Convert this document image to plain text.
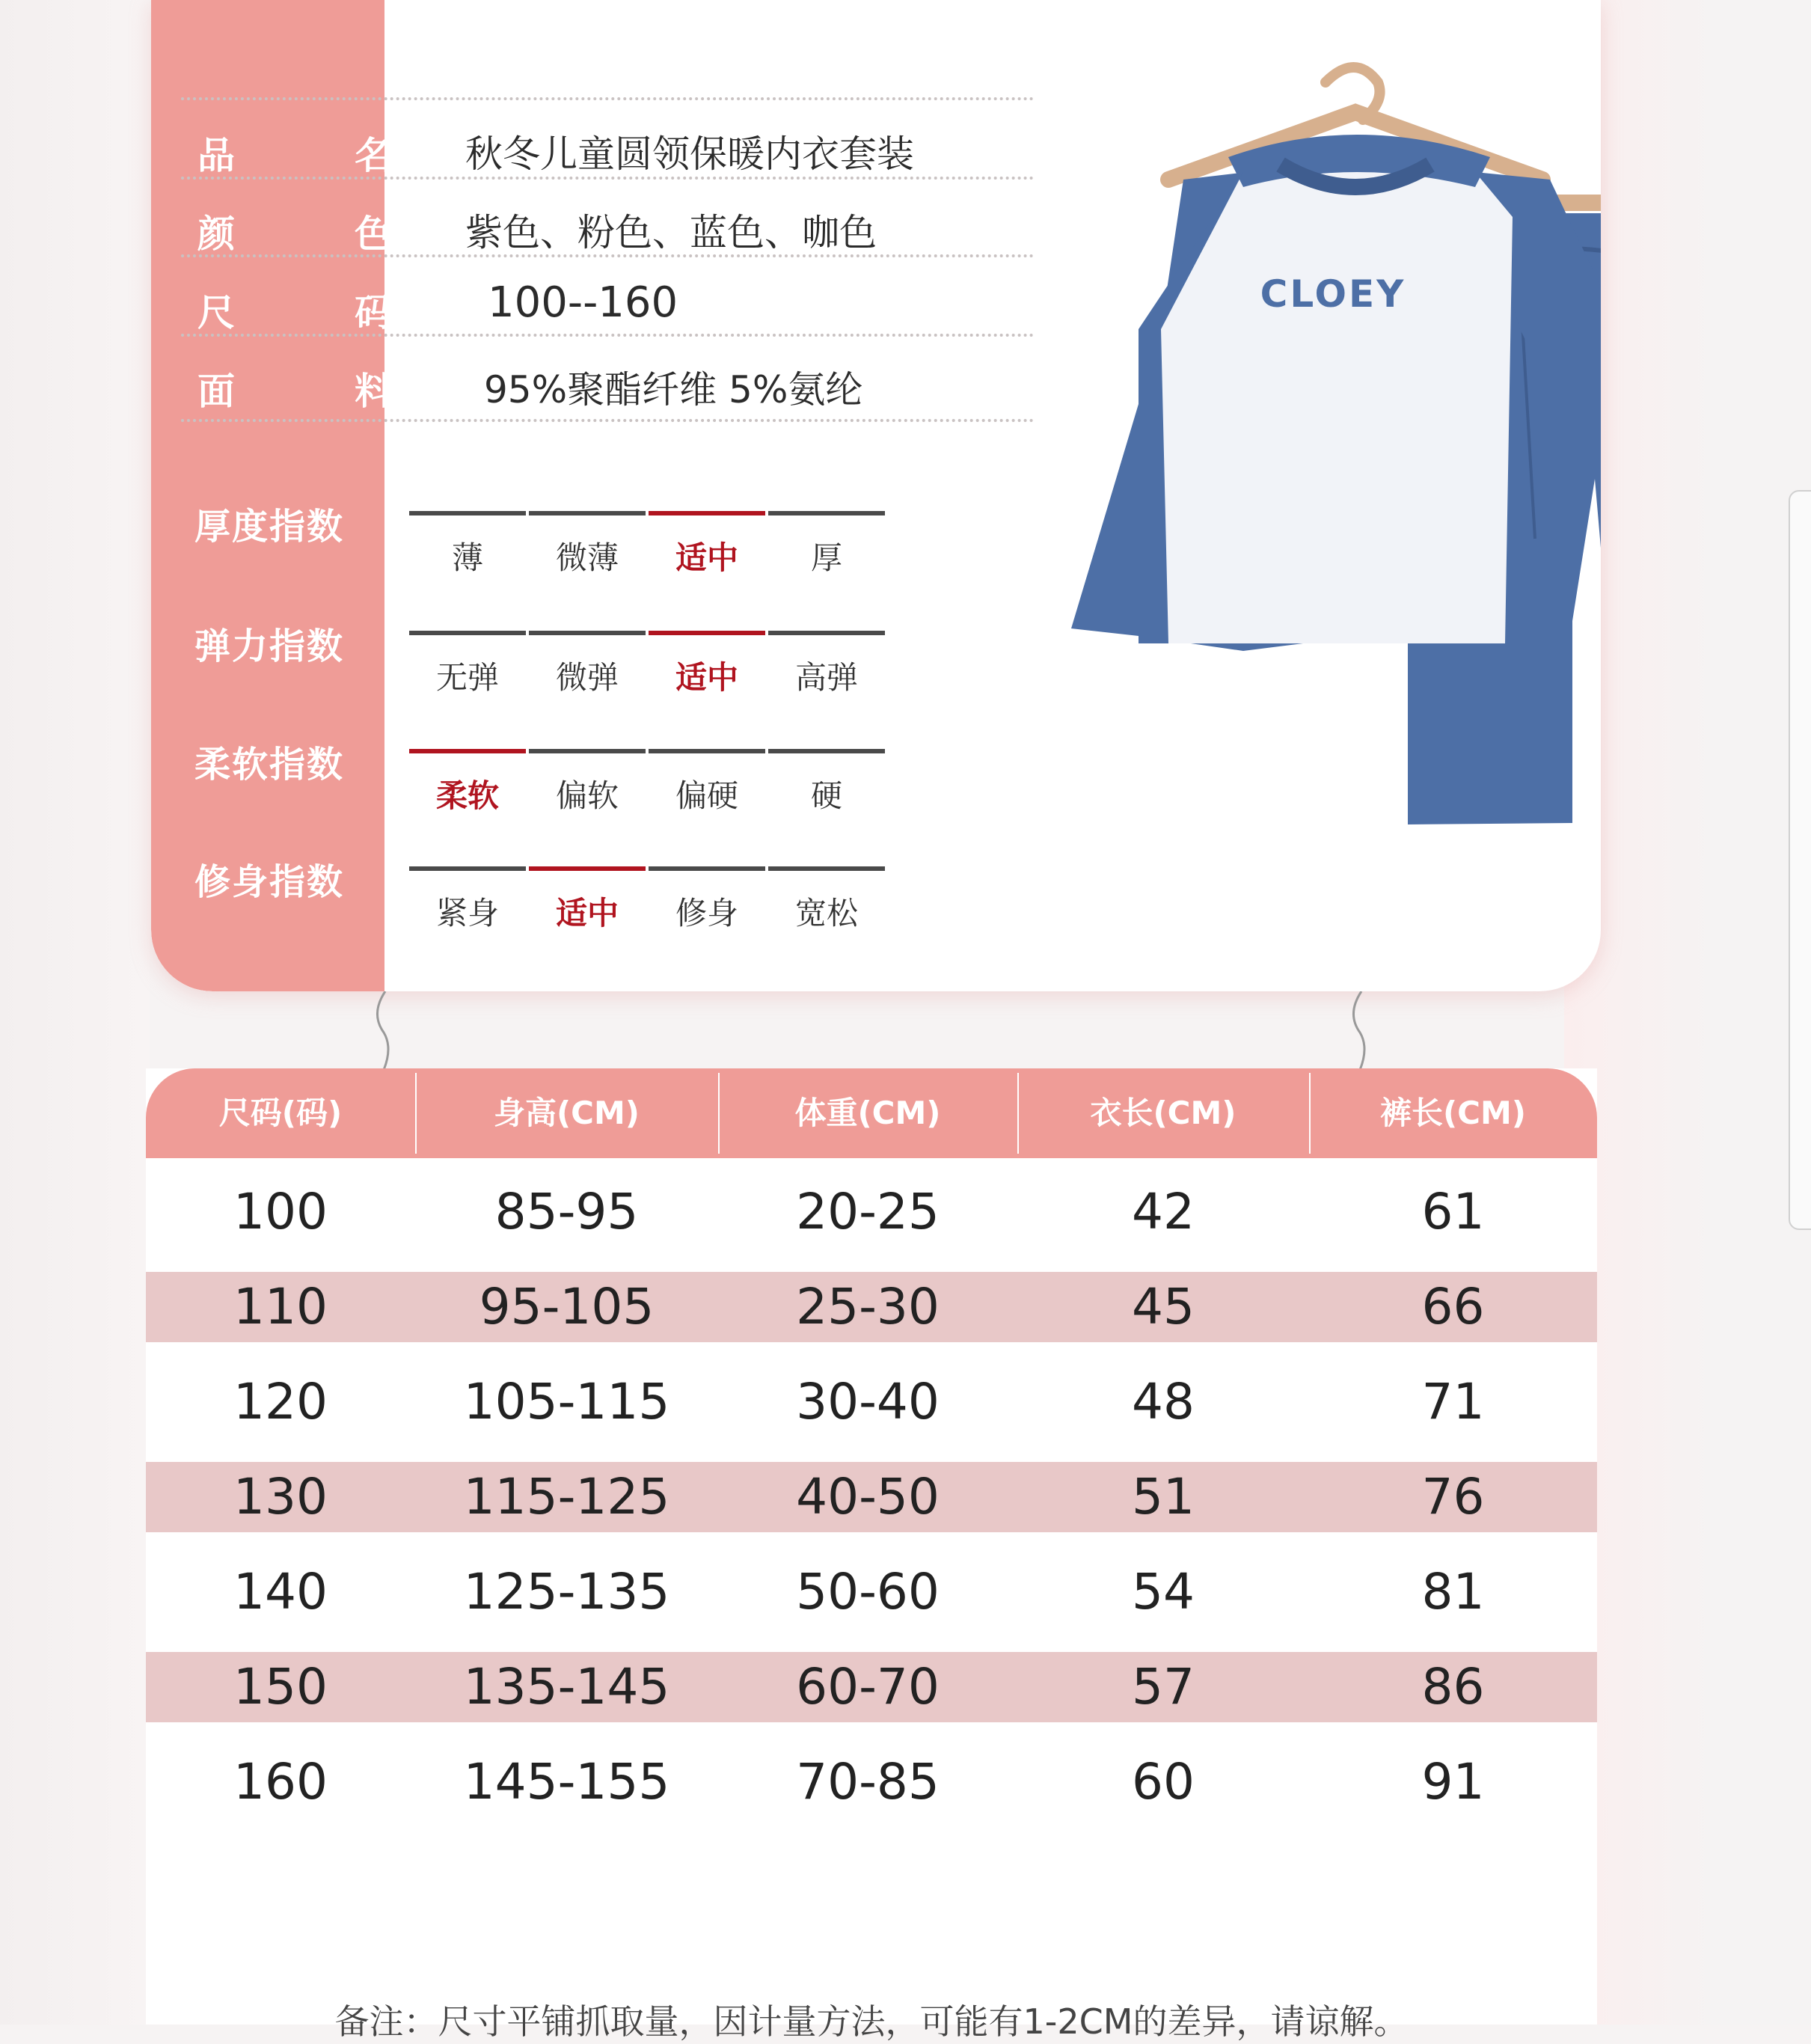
品	名 秋冬儿童圆领保暖内衣套装
颜	色 紫色、粉色、蓝色、咖色
尺	码 100--160
面	料 95%聚酯纤维 5%氨纶
厚度指数
薄 微薄 适中 厚
弹力指数
无弹 微弹 适中 高弹
柔软指数
柔软 偏软 偏硬 硬
修身指数
紧身 适中 修身 宽松
CLOEY
尺码(码)	身高(CM)	体重(CM)	衣长(CM)	裤长(CM)
100	85-95	20-25	42	61
110	95-105	25-30	45	66
120	105-115	30-40	48	71
130	115-125	40-50	51	76
140	125-135	50-60	54	81
150	135-145	60-70	57	86
160	145-155	70-85	60	91
备注：尺寸平铺抓取量，因计量方法，可能有1-2CM的差异，请谅解。
